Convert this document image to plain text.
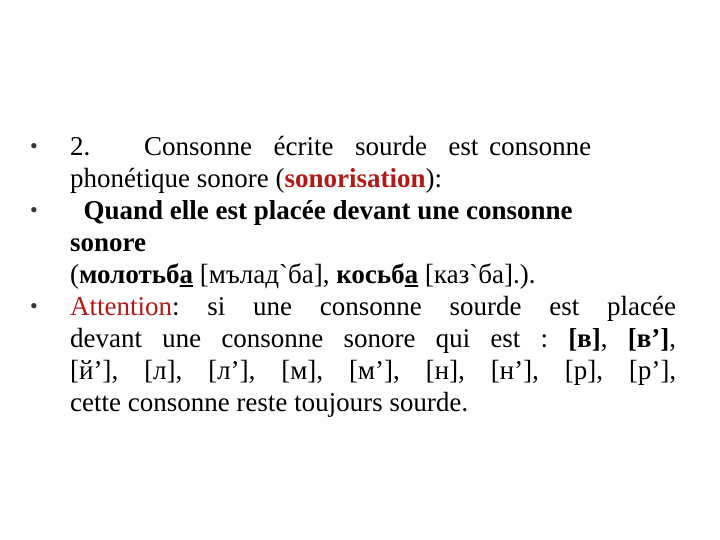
• 2.     Consonne  écrite  sourde  est consonne
phonétique sonore (sonorisation):
• Quand elle est placée devant une consonne
sonore
(молотьба [мълад`ба], косьба [каз`ба].).
• Attention: si une consonne sourde est placée
devant une consonne sonore qui est : [в], [в’],
[й’], [л], [л’], [м], [м’], [н], [н’], [р], [р’],
cette consonne reste toujours sourde.
